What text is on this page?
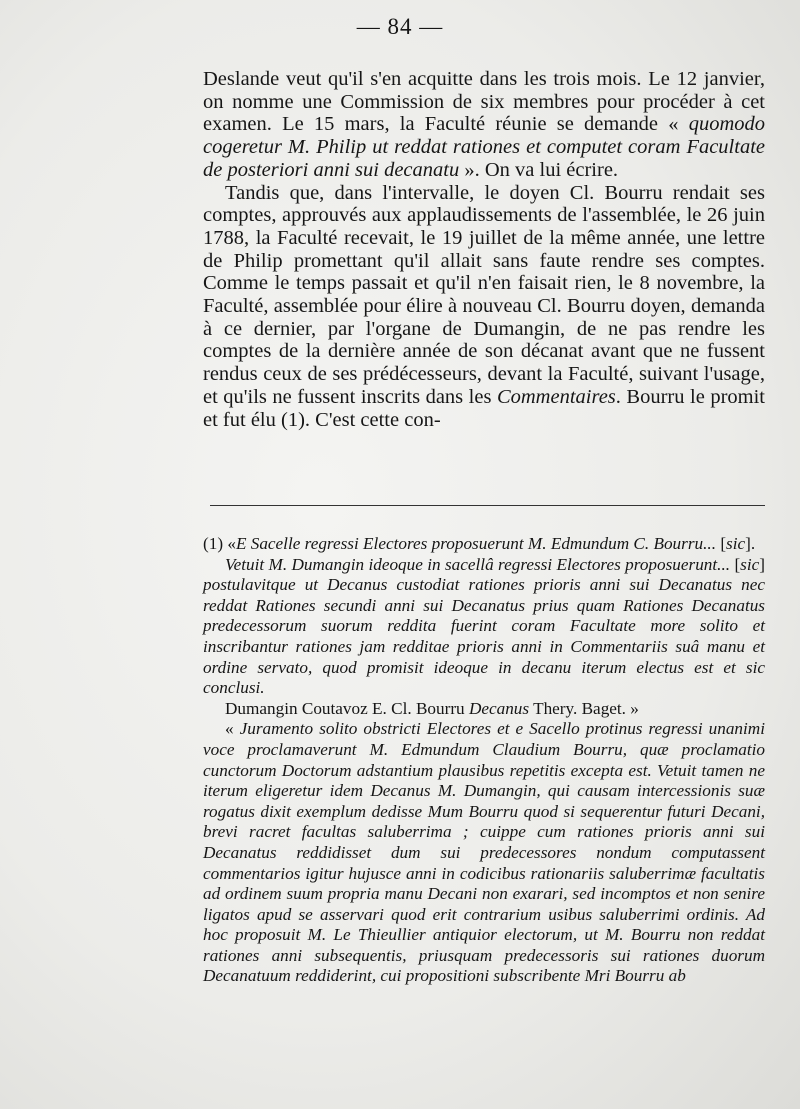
— 84 —

Deslande veut qu'il s'en acquitte dans les trois mois. Le 12 janvier, on nomme une Commission de six membres pour procéder à cet examen. Le 15 mars, la Faculté réunie se demande « quomodo cogeretur M. Philip ut reddat rationes et computet coram Facultate de posteriori anni sui decanatu ». On va lui écrire.

Tandis que, dans l'intervalle, le doyen Cl. Bourru rendait ses comptes, approuvés aux applaudissements de l'assemblée, le 26 juin 1788, la Faculté recevait, le 19 juillet de la même année, une lettre de Philip promettant qu'il allait sans faute rendre ses comptes. Comme le temps passait et qu'il n'en faisait rien, le 8 novembre, la Faculté, assemblée pour élire à nouveau Cl. Bourru doyen, demanda à ce dernier, par l'organe de Dumangin, de ne pas rendre les comptes de la dernière année de son décanat avant que ne fussent rendus ceux de ses prédécesseurs, devant la Faculté, suivant l'usage, et qu'ils ne fussent inscrits dans les Commentaires. Bourru le promit et fut élu (1). C'est cette con-

(1) «E Sacelle regressi Electores proposuerunt M. Edmundum C. Bourru... [sic].

Vetuit M. Dumangin ideoque in sacellâ regressi Electores proposuerunt... [sic] postulavitque ut Decanus custodiat rationes prioris anni sui Decanatus nec reddat Rationes secundi anni sui Decanatus prius quam Rationes Decanatus predecessorum suorum reddita fuerint coram Facultate more solito et inscribantur rationes jam redditae prioris anni in Commentariis suâ manu et ordine servato, quod promisit ideoque in decanu iterum electus est et sic conclusi.

Dumangin Coutavoz E. Cl. Bourru Decanus Thery. Baget. »

« Juramento solito obstricti Electores et e Sacello protinus regressi unanimi voce proclamaverunt M. Edmundum Claudium Bourru, quæ proclamatio cunctorum Doctorum adstantium plausibus repetitis excepta est. Vetuit tamen ne iterum eligeretur idem Decanus M. Dumangin, qui causam intercessionis suæ rogatus dixit exemplum dedisse Mum Bourru quod si sequerentur futuri Decani, brevi racret facultas saluberrima ; cuippe cum rationes prioris anni sui Decanatus reddidisset dum sui predecessores nondum computassent commentarios igitur hujusce anni in codicibus rationariis saluberrimæ facultatis ad ordinem suum propria manu Decani non exarari, sed incomptos et non senire ligatos apud se asservari quod erit contrarium usibus saluberrimi ordinis. Ad hoc proposuit M. Le Thieullier antiquior electorum, ut M. Bourru non reddat rationes anni subsequentis, priusquam predecessoris sui rationes duorum Decanatuum reddiderint, cui propositioni subscribente Mri Bourru ab
